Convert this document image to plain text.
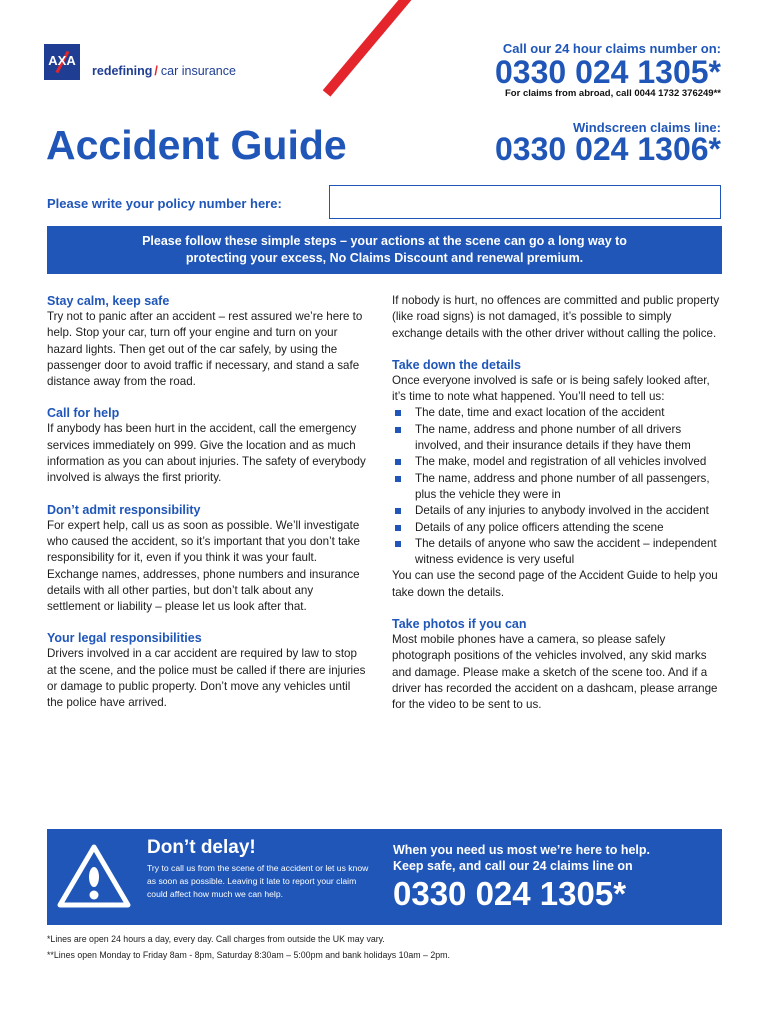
AXA
redefining / car insurance
Call our 24 hour claims number on:
0330 024 1305*
For claims from abroad, call 0044 1732 376249**
Windscreen claims line:
0330 024 1306*
Accident Guide
Please write your policy number here:
Please follow these simple steps – your actions at the scene can go a long way to
protecting your excess, No Claims Discount and renewal premium.
Stay calm, keep safe

Try not to panic after an accident – rest assured we’re here to help. Stop your car, turn off your engine and turn on your hazard lights. Then get out of the car safely, by using the passenger door to avoid traffic if necessary, and stand a safe distance away from the road.

Call for help

If anybody has been hurt in the accident, call the emergency services immediately on 999. Give the location and as much information as you can about injuries. The safety of everybody involved is always the first priority.

Don’t admit responsibility

For expert help, call us as soon as possible. We’ll investigate who caused the accident, so it’s important that you don’t take responsibility for it, even if you think it was your fault. Exchange names, addresses, phone numbers and insurance details with all other parties, but don’t talk about any settlement or liability – please let us look after that.

Your legal responsibilities

Drivers involved in a car accident are required by law to stop at the scene, and the police must be called if there are injuries or damage to public property. Don’t move any vehicles until the police have arrived.

If nobody is hurt, no offences are committed and public property (like road signs) is not damaged, it’s possible to simply exchange details with the other driver without calling the police.

Take down the details

Once everyone involved is safe or is being safely looked after, it’s time to note what happened. You’ll need to tell us:

The date, time and exact location of the accident
The name, address and phone number of all drivers involved, and their insurance details if they have them
The make, model and registration of all vehicles involved
The name, address and phone number of all passengers, plus the vehicle they were in
Details of any injuries to anybody involved in the accident
Details of any police officers attending the scene
The details of anyone who saw the accident – independent witness evidence is very useful

You can use the second page of the Accident Guide to help you take down the details.

Take photos if you can

Most mobile phones have a camera, so please safely photograph positions of the vehicles involved, any skid marks and damage. Please make a sketch of the scene too. And if a driver has recorded the accident on a dashcam, please arrange for the video to be sent to us.

Don’t delay!
Try to call us from the scene of the accident or let us know as soon as possible. Leaving it late to report your claim could affect how much we can help.
When you need us most we’re here to help.
Keep safe, and call our 24 claims line on
0330 024 1305*
*Lines are open 24 hours a day, every day. Call charges from outside the UK may vary.
**Lines open Monday to Friday 8am - 8pm, Saturday 8:30am – 5:00pm and bank holidays 10am – 2pm.
